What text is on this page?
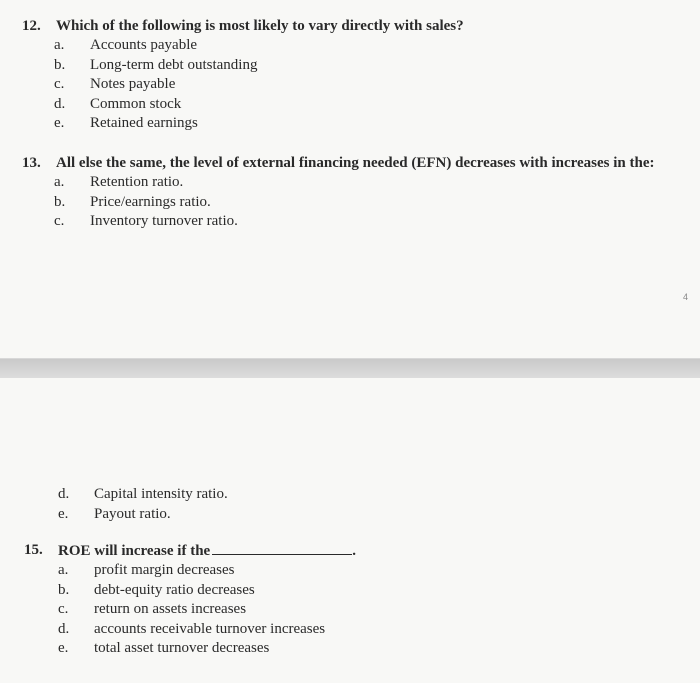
12.	Which of the following is most likely to vary directly with sales?
a.	Accounts payable
b.	Long-term debt outstanding
c.	Notes payable
d.	Common stock
e.	Retained earnings
13.	All else the same, the level of external financing needed (EFN) decreases with increases in the:
a.	Retention ratio.
b.	Price/earnings ratio.
c.	Inventory turnover ratio.
4
d.	Capital intensity ratio.
e.	Payout ratio.
15.	ROE will increase if the	.
a.	profit margin decreases
b.	debt-equity ratio decreases
c.	return on assets increases
d.	accounts receivable turnover increases
e.	total asset turnover decreases
